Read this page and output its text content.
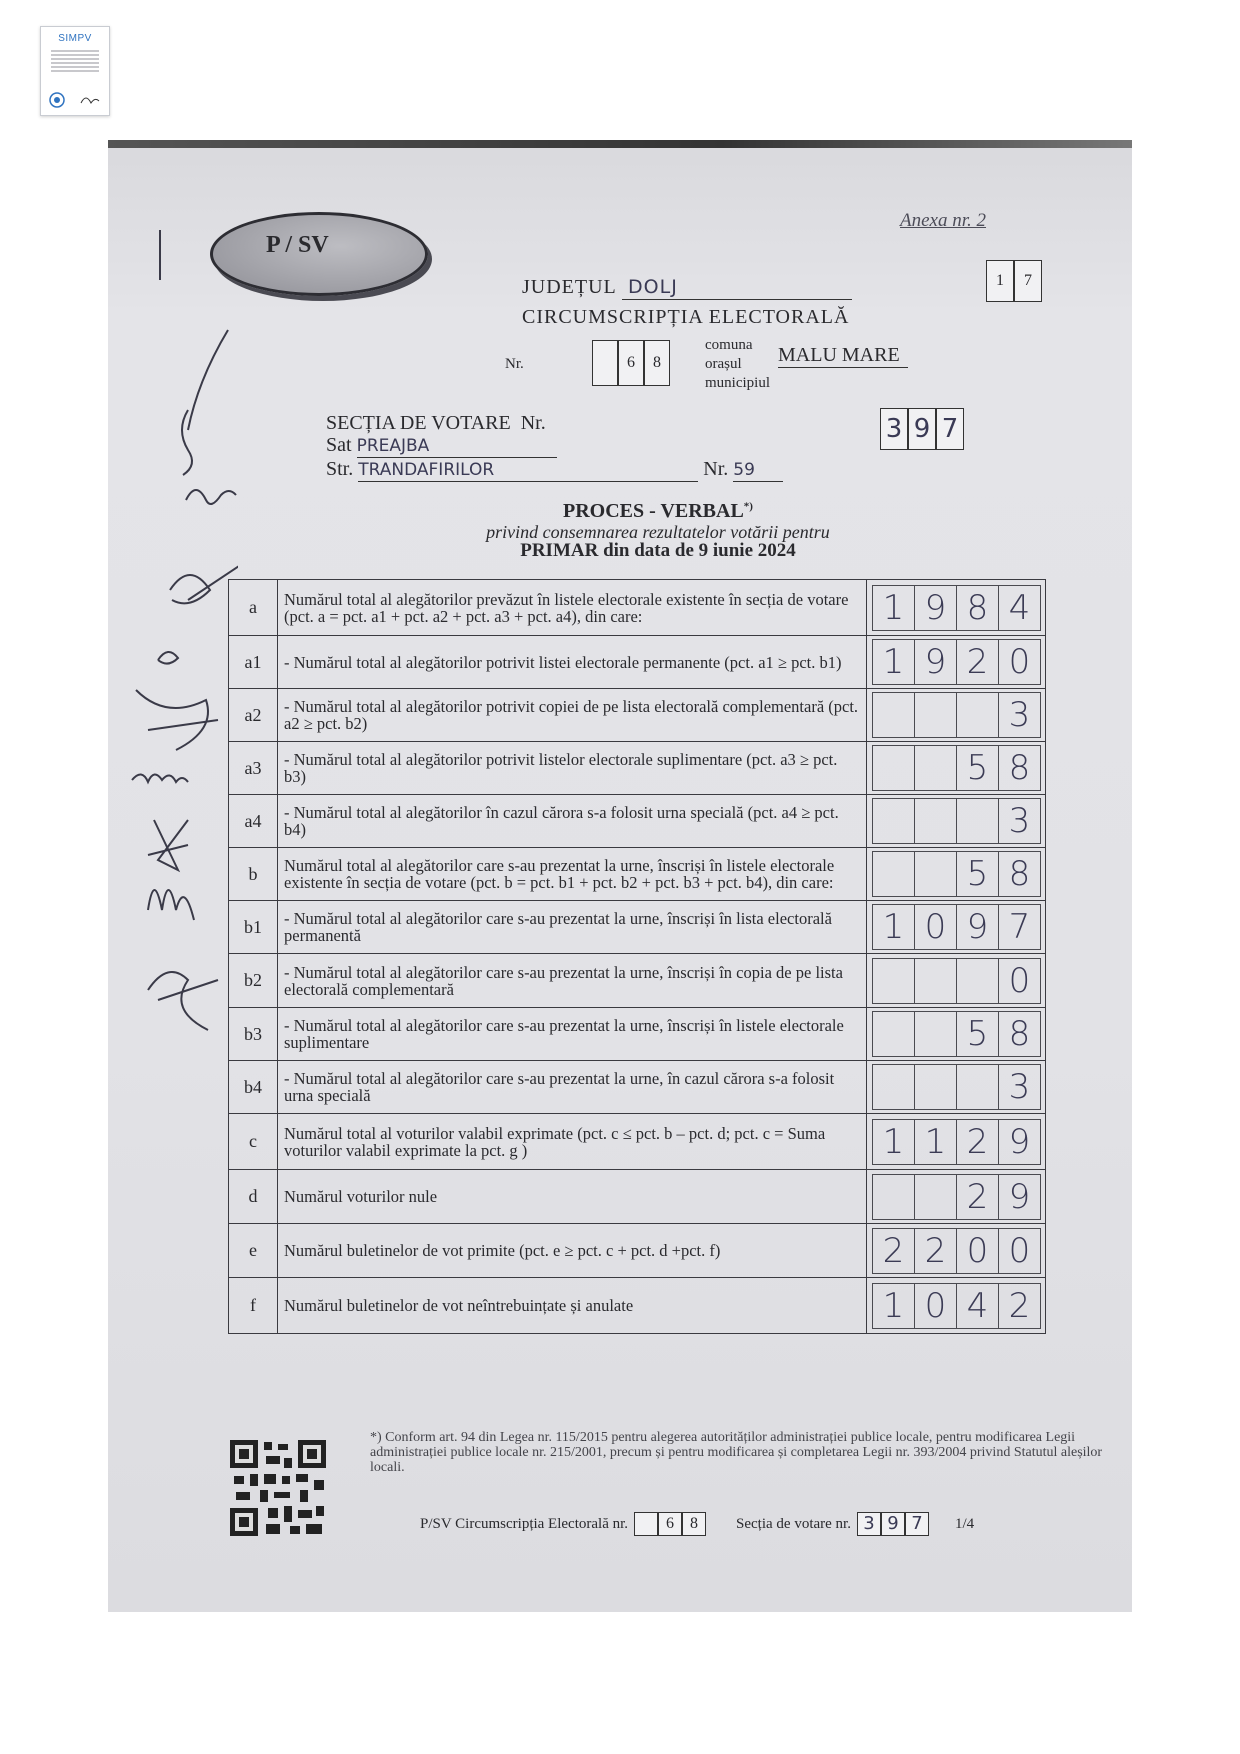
SIMPV
Anexa nr. 2
P / SV
JUDEȚUL DOLJ	1	7
CIRCUMSCRIPȚIA ELECTORALĂ
Nr.	6	8
comuna
orașul
municipiul
MALU MARE
SECȚIA DE VOTARE Nr.
Sat PREAJBA
Str. TRANDAFIRILOR	Nr. 59
3 9 7
PROCES - VERBAL*)
privind consemnarea rezultatelor votării pentru
PRIMAR din data de 9 iunie 2024
a	Numărul total al alegătorilor prevăzut în listele electorale existente în secția de votare (pct. a = pct. a1 + pct. a2 + pct. a3 + pct. a4), din care:	1 9 8 4

a1	- Numărul total al alegătorilor potrivit listei electorale permanente (pct. a1 ≥ pct. b1)	1 9 2 0

a2	- Numărul total al alegătorilor potrivit copiei de pe lista electorală complementară (pct. a2 ≥ pct. b2)	3

a3	- Numărul total al alegătorilor potrivit listelor electorale suplimentare (pct. a3 ≥ pct. b3)	5 8

a4	- Numărul total al alegătorilor în cazul cărora s-a folosit urna specială (pct. a4 ≥ pct. b4)	3

b	Numărul total al alegătorilor care s-au prezentat la urne, înscriși în listele electorale existente în secția de votare (pct. b = pct. b1 + pct. b2 + pct. b3 + pct. b4), din care:	5 8

b1	- Numărul total al alegătorilor care s-au prezentat la urne, înscriși în lista electorală permanentă	1 0 9 7

b2	- Numărul total al alegătorilor care s-au prezentat la urne, înscriși în copia de pe lista electorală complementară	0

b3	- Numărul total al alegătorilor care s-au prezentat la urne, înscriși în listele electorale suplimentare	5 8

b4	- Numărul total al alegătorilor care s-au prezentat la urne, în cazul cărora s-a folosit urna specială	3

c	Numărul total al voturilor valabil exprimate (pct. c ≤ pct. b – pct. d; pct. c = Suma voturilor valabil exprimate la pct. g )	1 1 2 9

d	Numărul voturilor nule	2 9

e	Numărul buletinelor de vot primite (pct. e ≥ pct. c + pct. d +pct. f)	2 2 0 0

f	Numărul buletinelor de vot neîntrebuințate și anulate	1 0 4 2
*) Conform art. 94 din Legea nr. 115/2015 pentru alegerea autorităților administrației publice locale, pentru modificarea Legii administrației publice locale nr. 215/2001, precum și pentru modificarea și completarea Legii nr. 393/2004 privind Statutul aleșilor locali.
P/SV Circumscripția Electorală nr.	6	8	Secția de votare nr. 3 9 7	1/4
